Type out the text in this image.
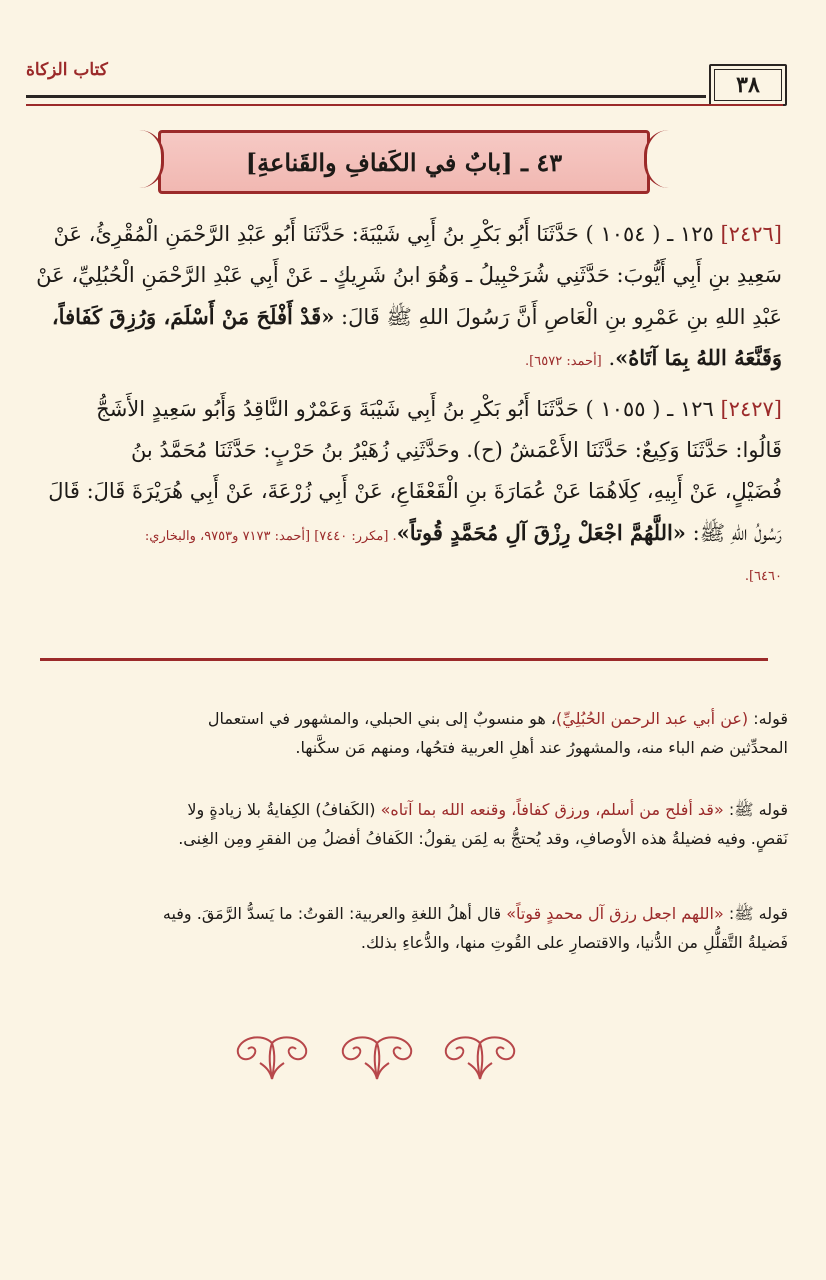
كتاب الزكاة
٣٨
٤٣ ـ [بابٌ في الكَفافِ والقَناعةِ]
[٢٤٢٦] ١٢٥ ـ ( ١٠٥٤ ) حَدَّثَنَا أَبُو بَكْرِ بنُ أَبِي شَيْبَةَ: حَدَّثَنَا أَبُو عَبْدِ الرَّحْمَنِ الْمُقْرِئُ، عَنْ
سَعِيدِ بنِ أَبِي أَيُّوبَ: حَدَّثَنِي شُرَحْبِيلُ ـ وَهُوَ ابنُ شَرِيكٍ ـ عَنْ أَبِي عَبْدِ الرَّحْمَنِ الْحُبُلِيِّ، عَنْ
عَبْدِ اللهِ بنِ عَمْرِو بنِ الْعَاصِ أَنَّ رَسُولَ اللهِ ﷺ قَالَ: «قَدْ أَفْلَحَ مَنْ أَسْلَمَ، وَرُزِقَ كَفَافاً،
وَقَنَّعَهُ اللهُ بِمَا آتَاهُ». [أحمد: ٦٥٧٢].
[٢٤٢٧] ١٢٦ ـ ( ١٠٥٥ ) حَدَّثَنَا أَبُو بَكْرِ بنُ أَبِي شَيْبَةَ وَعَمْرٌو النَّاقِدُ وَأَبُو سَعِيدٍ الأَشَجُّ
قَالُوا: حَدَّثَنَا وَكِيعٌ: حَدَّثَنَا الأَعْمَشُ (ح). وحَدَّثَنِي زُهَيْرُ بنُ حَرْبٍ: حَدَّثَنَا مُحَمَّدُ بنُ
فُضَيْلٍ، عَنْ أَبِيهِ، كِلَاهُمَا عَنْ عُمَارَةَ بنِ الْقَعْقَاعِ، عَنْ أَبِي زُرْعَةَ، عَنْ أَبِي هُرَيْرَةَ قَالَ: قَالَ
رَسُولُ اللهِ ﷺ: «اللَّهُمَّ اجْعَلْ رِزْقَ آلِ مُحَمَّدٍ قُوتاً». [مكرر: ٧٤٤٠] [أحمد: ٧١٧٣ و٩٧٥٣، والبخاري:
٦٤٦٠].
قوله: (عن أبي عبد الرحمن الحُبُلِيِّ)، هو منسوبٌ إلى بني الحبلي، والمشهور في استعمال
المحدِّثين ضم الباء منه، والمشهورُ عند أهلِ العربية فتحُها، ومنهم مَن سكَّنها.
قوله ﷺ: «قد أفلح من أسلم، ورزق كفافاً، وقنعه الله بما آتاه» (الكَفافُ) الكِفايةُ بلا زيادةٍ ولا
نَقصٍ. وفيه فضيلةُ هذه الأوصافِ، وقد يُحتجُّ به لِمَن يقولُ: الكَفافُ أفضلُ مِن الفقرِ ومِن الغِنى.
قوله ﷺ: «اللهم اجعل رزق آل محمدٍ قوتاً» قال أهلُ اللغةِ والعربية: القوتُ: ما يَسدُّ الرَّمَقَ. وفيه
فَضيلةُ التَّقلُّلِ من الدُّنيا، والاقتصارِ على القُوتِ منها، والدُّعاءِ بذلك.
